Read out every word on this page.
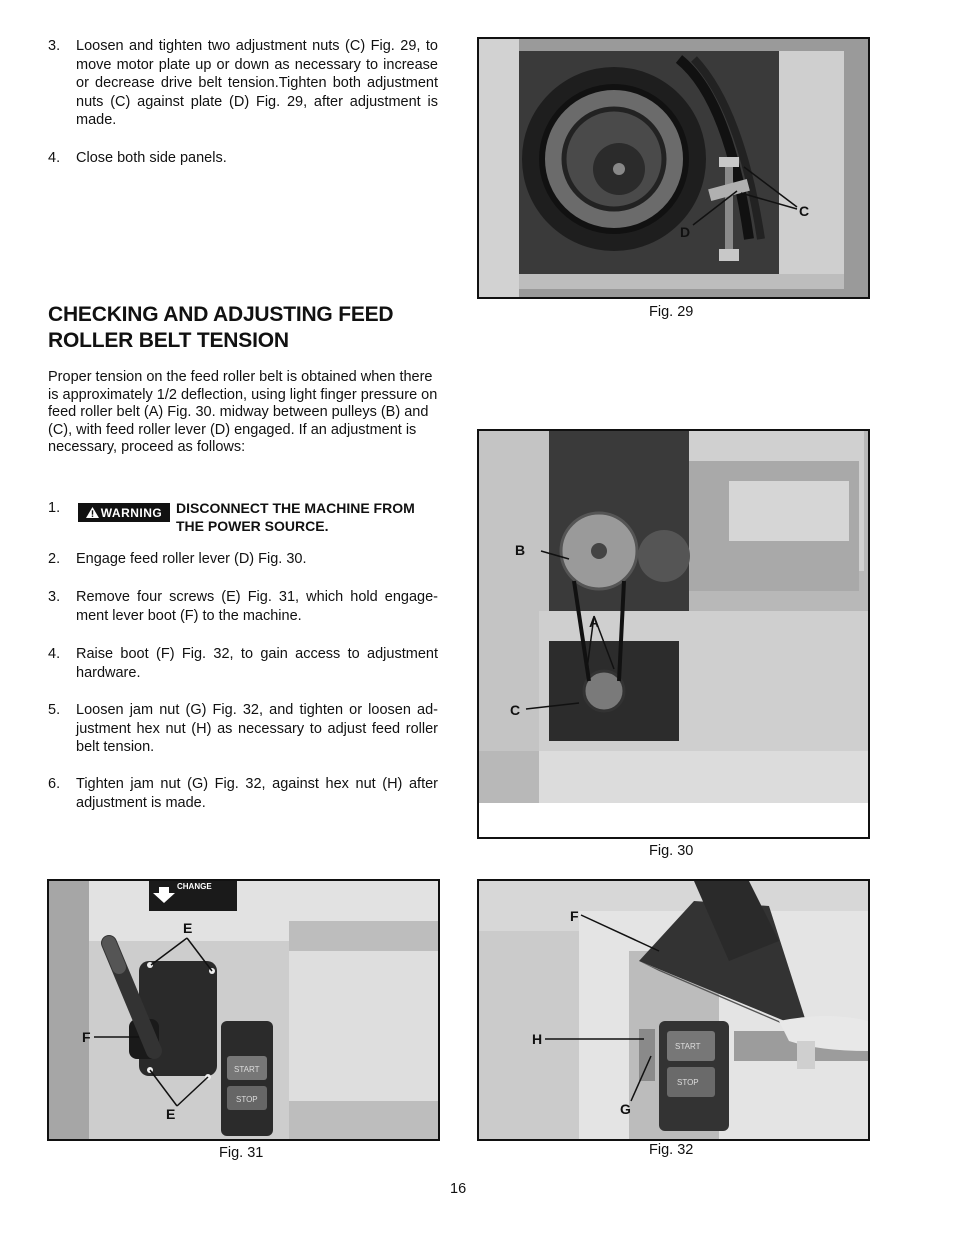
3. Loosen and tighten two adjustment nuts (C) Fig. 29, to move motor plate up or down as necessary to increase or decrease drive belt tension.Tighten both adjustment nuts (C) against plate (D) Fig. 29, after adjustment is made.
4. Close both side panels.
CHECKING AND ADJUSTING FEED ROLLER BELT TENSION
Proper tension on the feed roller belt is obtained when there is approximately 1/2 deflection, using light finger pressure on feed roller belt (A) Fig. 30. midway between pulleys (B) and (C), with feed roller lever (D) engaged. If an adjustment is necessary, proceed as follows:
1.	WARNING DISCONNECT THE MACHINE FROM THE POWER SOURCE.
2. Engage feed roller lever (D) Fig. 30.
3. Remove four screws (E) Fig. 31, which hold engage-ment lever boot (F) to the machine.
4. Raise boot (F) Fig. 32, to gain access to adjustment hardware.
5. Loosen jam nut (G) Fig. 32, and tighten or loosen ad-justment hex nut (H) as necessary to adjust feed roller belt tension.
6. Tighten jam nut (G) Fig. 32, against hex nut (H) after adjustment is made.
C
D
Fig. 29
B
A
C
Fig. 30
CHANGE
START
STOP
E
F
E
Fig. 31
START
STOP
F
H
G
Fig. 32
16
